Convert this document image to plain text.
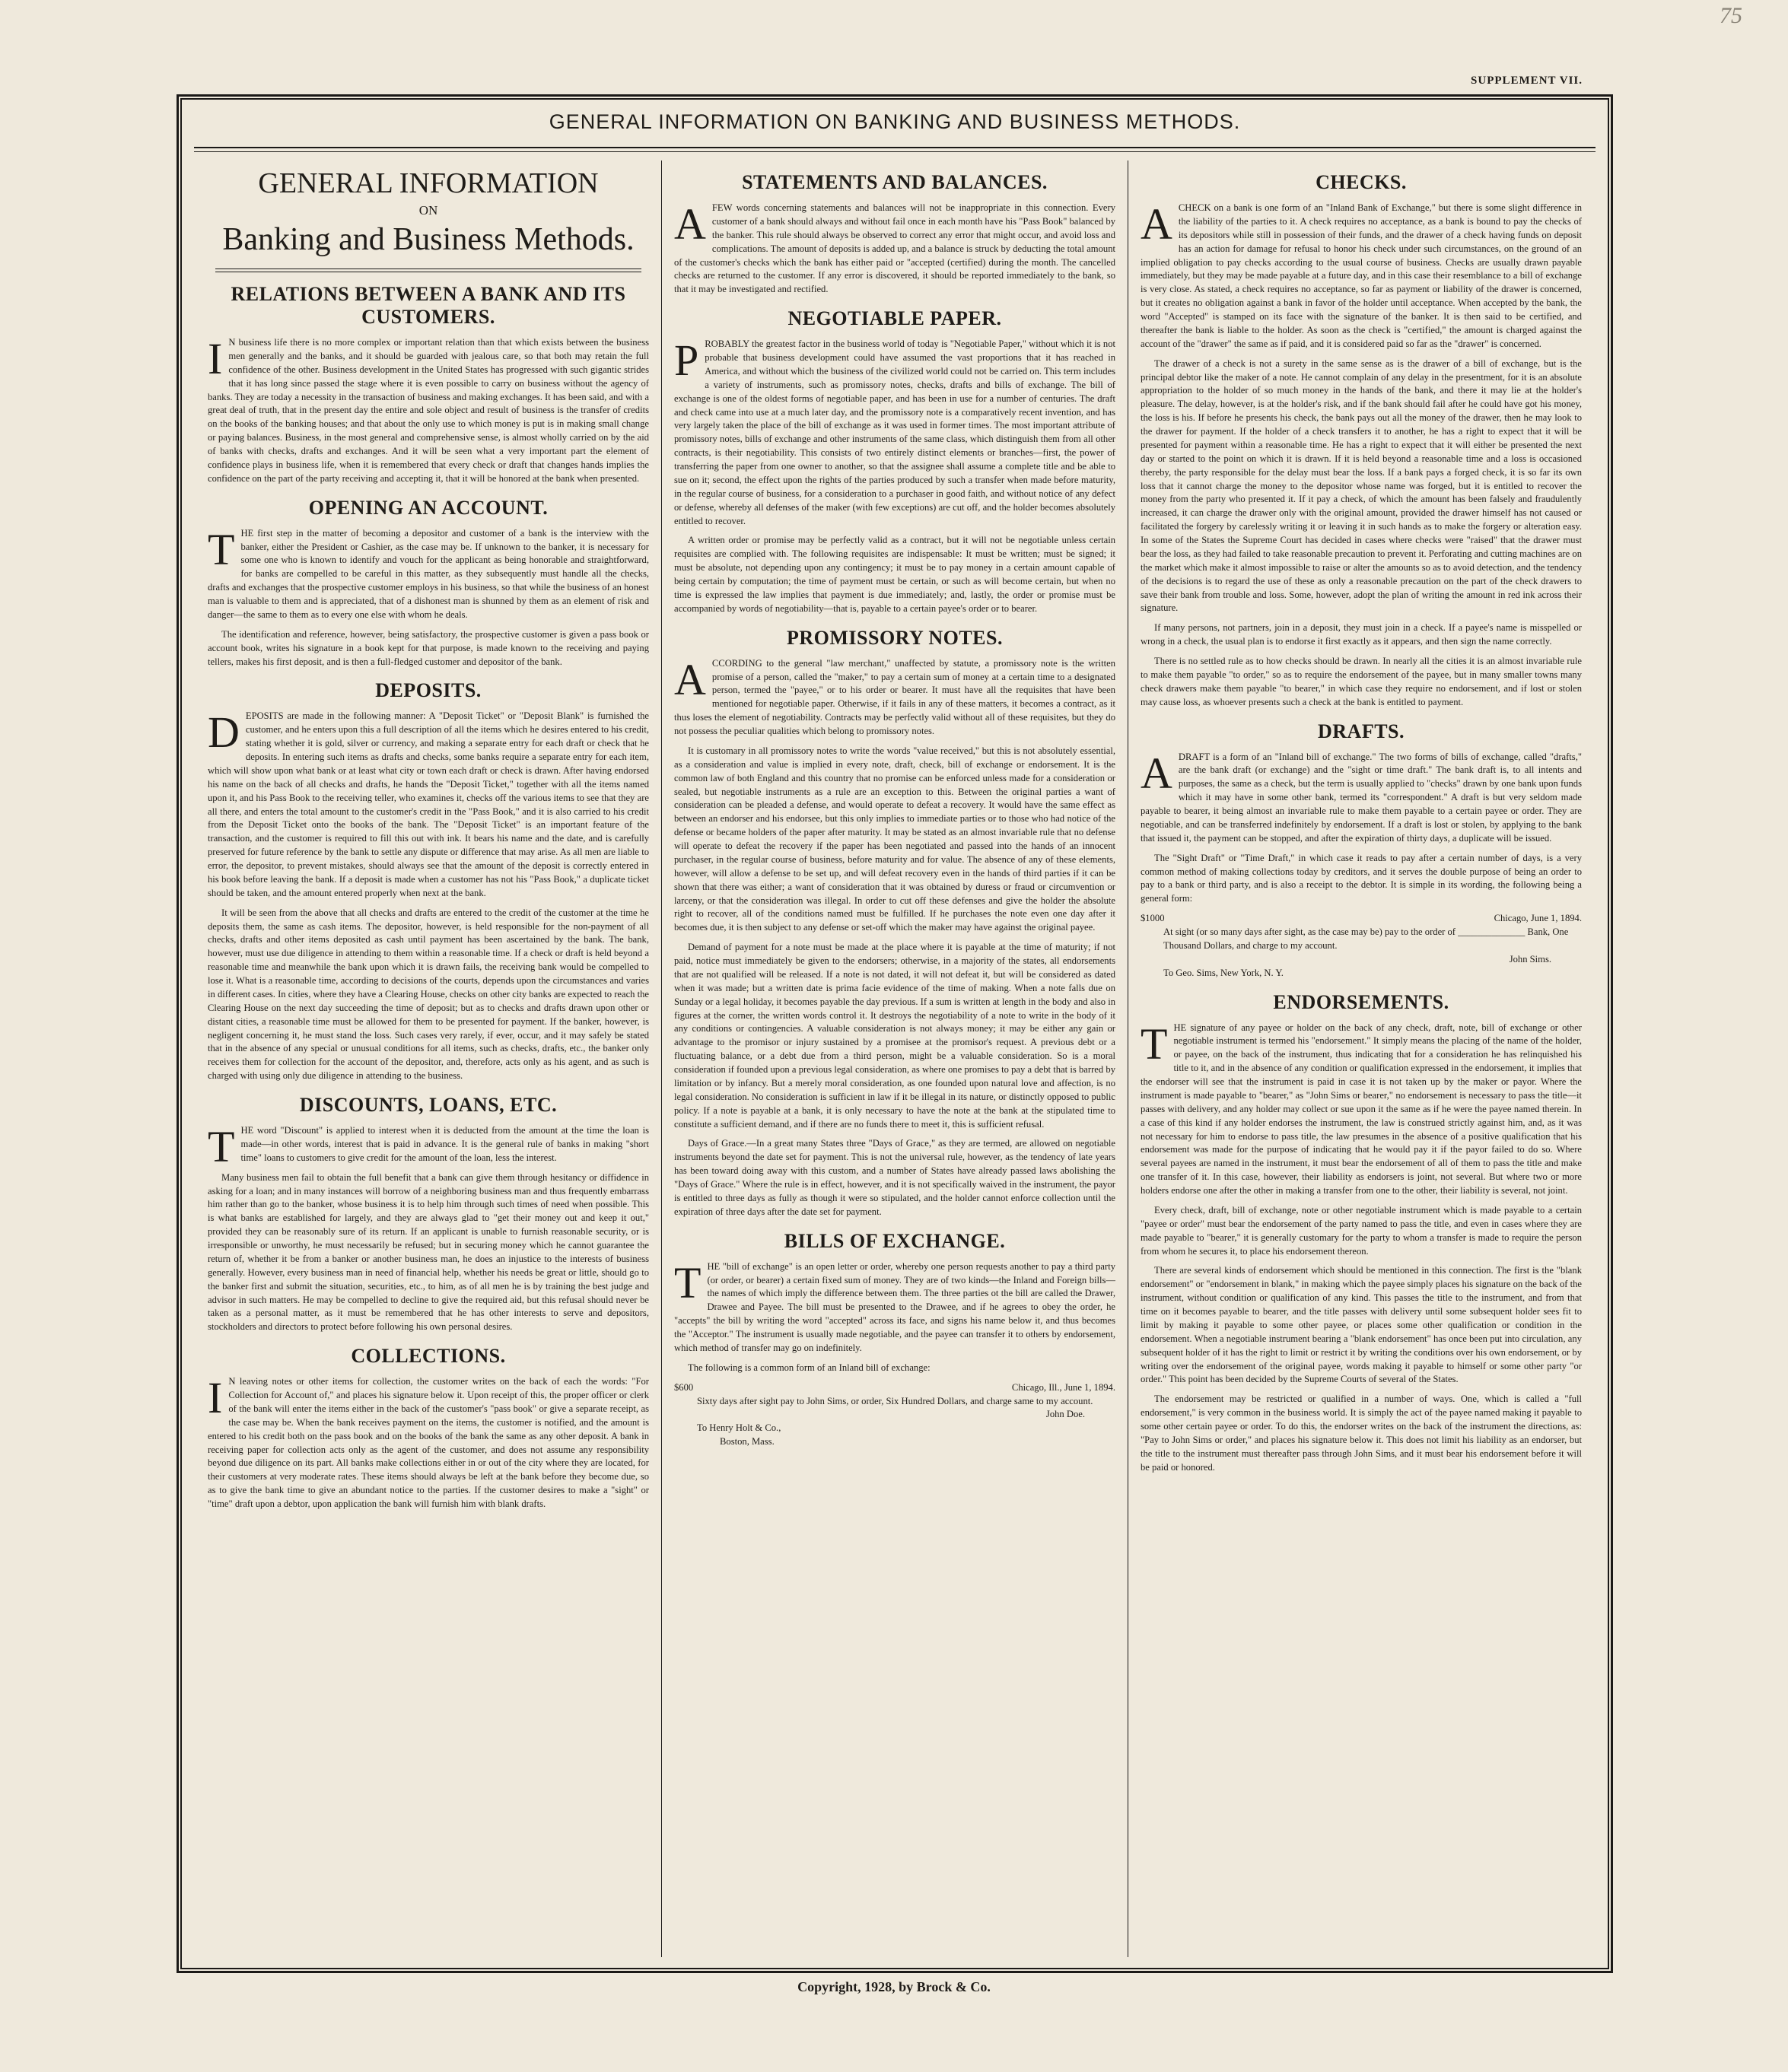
75
SUPPLEMENT VII.
GENERAL INFORMATION ON BANKING AND BUSINESS METHODS.
GENERAL INFORMATION
ON
Banking and Business Methods.
RELATIONS BETWEEN A BANK AND ITS CUSTOMERS.

I N business life there is no more complex or important relation than that which exists between the business men generally and the banks, and it should be guarded with jealous care, so that both may retain the full confidence of the other. Business development in the United States has progressed with such gigantic strides that it has long since passed the stage where it is even possible to carry on business without the agency of banks. They are today a necessity in the transaction of business and making exchanges. It has been said, and with a great deal of truth, that in the present day the entire and sole object and result of business is the transfer of credits on the books of the banking houses; and that about the only use to which money is put is in making small change or paying balances. Business, in the most general and comprehensive sense, is almost wholly carried on by the aid of banks with checks, drafts and exchanges. And it will be seen what a very important part the element of confidence plays in business life, when it is remembered that every check or draft that changes hands implies the confidence on the part of the party receiving and accepting it, that it will be honored at the bank when presented.

OPENING AN ACCOUNT.

THE first step in the matter of becoming a depositor and customer of a bank is the interview with the banker, either the President or Cashier, as the case may be. If unknown to the banker, it is necessary for some one who is known to identify and vouch for the applicant as being honorable and straightforward, for banks are compelled to be careful in this matter, as they subsequently must handle all the checks, drafts and exchanges that the prospective customer employs in his business, so that while the business of an honest man is valuable to them and is appreciated, that of a dishonest man is shunned by them as an element of risk and danger—the same to them as to every one else with whom he deals.

The identification and reference, however, being satisfactory, the prospective customer is given a pass book or account book, writes his signature in a book kept for that purpose, is made known to the receiving and paying tellers, makes his first deposit, and is then a full-fledged customer and depositor of the bank.

DEPOSITS.

DEPOSITS are made in the following manner: A "Deposit Ticket" or "Deposit Blank" is furnished the customer, and he enters upon this a full description of all the items which he desires entered to his credit, stating whether it is gold, silver or currency, and making a separate entry for each draft or check that he deposits. In entering such items as drafts and checks, some banks require a separate entry for each item, which will show upon what bank or at least what city or town each draft or check is drawn. After having endorsed his name on the back of all checks and drafts, he hands the "Deposit Ticket," together with all the items named upon it, and his Pass Book to the receiving teller, who examines it, checks off the various items to see that they are all there, and enters the total amount to the customer's credit in the "Pass Book," and it is also carried to his credit from the Deposit Ticket onto the books of the bank. The "Deposit Ticket" is an important feature of the transaction, and the customer is required to fill this out with ink. It bears his name and the date, and is carefully preserved for future reference by the bank to settle any dispute or difference that may arise. As all men are liable to error, the depositor, to prevent mistakes, should always see that the amount of the deposit is correctly entered in his book before leaving the bank. If a deposit is made when a customer has not his "Pass Book," a duplicate ticket should be taken, and the amount entered properly when next at the bank.

It will be seen from the above that all checks and drafts are entered to the credit of the customer at the time he deposits them, the same as cash items. The depositor, however, is held responsible for the non-payment of all checks, drafts and other items deposited as cash until payment has been ascertained by the bank. The bank, however, must use due diligence in attending to them within a reasonable time. If a check or draft is held beyond a reasonable time and meanwhile the bank upon which it is drawn fails, the receiving bank would be compelled to lose it. What is a reasonable time, according to decisions of the courts, depends upon the circumstances and varies in different cases. In cities, where they have a Clearing House, checks on other city banks are expected to reach the Clearing House on the next day succeeding the time of deposit; but as to checks and drafts drawn upon other or distant cities, a reasonable time must be allowed for them to be presented for payment. If the banker, however, is negligent concerning it, he must stand the loss. Such cases very rarely, if ever, occur, and it may safely be stated that in the absence of any special or unusual conditions for all items, such as checks, drafts, etc., the banker only receives them for collection for the account of the depositor, and, therefore, acts only as his agent, and as such is charged with using only due diligence in attending to the business.

DISCOUNTS, LOANS, ETC.

THE word "Discount" is applied to interest when it is deducted from the amount at the time the loan is made—in other words, interest that is paid in advance. It is the general rule of banks in making "short time" loans to customers to give credit for the amount of the loan, less the interest.

Many business men fail to obtain the full benefit that a bank can give them through hesitancy or diffidence in asking for a loan; and in many instances will borrow of a neighboring business man and thus frequently embarrass him rather than go to the banker, whose business it is to help him through such times of need when possible. This is what banks are established for largely, and they are always glad to "get their money out and keep it out," provided they can be reasonably sure of its return. If an applicant is unable to furnish reasonable security, or is irresponsible or unworthy, he must necessarily be refused; but in securing money which he cannot guarantee the return of, whether it be from a banker or another business man, he does an injustice to the interests of business generally. However, every business man in need of financial help, whether his needs be great or little, should go to the banker first and submit the situation, securities, etc., to him, as of all men he is by training the best judge and advisor in such matters. He may be compelled to decline to give the required aid, but this refusal should never be taken as a personal matter, as it must be remembered that he has other interests to serve and depositors, stockholders and directors to protect before following his own personal desires.

COLLECTIONS.

I N leaving notes or other items for collection, the customer writes on the back of each the words: "For Collection for Account of," and places his signature below it. Upon receipt of this, the proper officer or clerk of the bank will enter the items either in the back of the customer's "pass book" or give a separate receipt, as the case may be. When the bank receives payment on the items, the customer is notified, and the amount is entered to his credit both on the pass book and on the books of the bank the same as any other deposit. A bank in receiving paper for collection acts only as the agent of the customer, and does not assume any responsibility beyond due diligence on its part. All banks make collections either in or out of the city where they are located, for their customers at very moderate rates. These items should always be left at the bank before they become due, so as to give the bank time to give an abundant notice to the parties. If the customer desires to make a "sight" or "time" draft upon a debtor, upon application the bank will furnish him with blank drafts.

STATEMENTS AND BALANCES.

AFEW words concerning statements and balances will not be inappropriate in this connection. Every customer of a bank should always and without fail once in each month have his "Pass Book" balanced by the banker. This rule should always be observed to correct any error that might occur, and avoid loss and complications. The amount of deposits is added up, and a balance is struck by deducting the total amount of the customer's checks which the bank has either paid or "accepted (certified) during the month. The cancelled checks are returned to the customer. If any error is discovered, it should be reported immediately to the bank, so that it may be investigated and rectified.

NEGOTIABLE PAPER.

PROBABLY the greatest factor in the business world of today is "Negotiable Paper," without which it is not probable that business development could have assumed the vast proportions that it has reached in America, and without which the business of the civilized world could not be carried on. This term includes a variety of instruments, such as promissory notes, checks, drafts and bills of exchange. The bill of exchange is one of the oldest forms of negotiable paper, and has been in use for a number of centuries. The draft and check came into use at a much later day, and the promissory note is a comparatively recent invention, and has very largely taken the place of the bill of exchange as it was used in former times. The most important attribute of promissory notes, bills of exchange and other instruments of the same class, which distinguish them from all other contracts, is their negotiability. This consists of two entirely distinct elements or branches—first, the power of transferring the paper from one owner to another, so that the assignee shall assume a complete title and be able to sue on it; second, the effect upon the rights of the parties produced by such a transfer when made before maturity, in the regular course of business, for a consideration to a purchaser in good faith, and without notice of any defect or defense, whereby all defenses of the maker (with few exceptions) are cut off, and the holder becomes absolutely entitled to recover.

A written order or promise may be perfectly valid as a contract, but it will not be negotiable unless certain requisites are complied with. The following requisites are indispensable: It must be written; must be signed; it must be absolute, not depending upon any contingency; it must be to pay money in a certain amount capable of being certain by computation; the time of payment must be certain, or such as will become certain, but when no time is expressed the law implies that payment is due immediately; and, lastly, the order or promise must be accompanied by words of negotiability—that is, payable to a certain payee's order or to bearer.

PROMISSORY NOTES.

ACCORDING to the general "law merchant," unaffected by statute, a promissory note is the written promise of a person, called the "maker," to pay a certain sum of money at a certain time to a designated person, termed the "payee," or to his order or bearer. It must have all the requisites that have been mentioned for negotiable paper. Otherwise, if it fails in any of these matters, it becomes a contract, as it thus loses the element of negotiability. Contracts may be perfectly valid without all of these requisites, but they do not possess the peculiar qualities which belong to promissory notes.

It is customary in all promissory notes to write the words "value received," but this is not absolutely essential, as a consideration and value is implied in every note, draft, check, bill of exchange or endorsement. It is the common law of both England and this country that no promise can be enforced unless made for a consideration or sealed, but negotiable instruments as a rule are an exception to this. Between the original parties a want of consideration can be pleaded a defense, and would operate to defeat a recovery. It would have the same effect as between an endorser and his endorsee, but this only implies to immediate parties or to those who had notice of the defense or became holders of the paper after maturity. It may be stated as an almost invariable rule that no defense will operate to defeat the recovery if the paper has been negotiated and passed into the hands of an innocent purchaser, in the regular course of business, before maturity and for value. The absence of any of these elements, however, will allow a defense to be set up, and will defeat recovery even in the hands of third parties if it can be shown that there was either; a want of consideration that it was obtained by duress or fraud or circumvention or larceny, or that the consideration was illegal. In order to cut off these defenses and give the holder the absolute right to recover, all of the conditions named must be fulfilled. If he purchases the note even one day after it becomes due, it is then subject to any defense or set-off which the maker may have against the original payee.

Demand of payment for a note must be made at the place where it is payable at the time of maturity; if not paid, notice must immediately be given to the endorsers; otherwise, in a majority of the states, all endorsements that are not qualified will be released. If a note is not dated, it will not defeat it, but will be considered as dated when it was made; but a written date is prima facie evidence of the time of making. When a note falls due on Sunday or a legal holiday, it becomes payable the day previous. If a sum is written at length in the body and also in figures at the corner, the written words control it. It destroys the negotiability of a note to write in the body of it any conditions or contingencies. A valuable consideration is not always money; it may be either any gain or advantage to the promisor or injury sustained by a promisee at the promisor's request. A previous debt or a fluctuating balance, or a debt due from a third person, might be a valuable consideration. So is a moral consideration if founded upon a previous legal consideration, as where one promises to pay a debt that is barred by limitation or by infancy. But a merely moral consideration, as one founded upon natural love and affection, is no legal consideration. No consideration is sufficient in law if it be illegal in its nature, or distinctly opposed to public policy. If a note is payable at a bank, it is only necessary to have the note at the bank at the stipulated time to constitute a sufficient demand, and if there are no funds there to meet it, this is sufficient refusal.

Days of Grace.—In a great many States three "Days of Grace," as they are termed, are allowed on negotiable instruments beyond the date set for payment. This is not the universal rule, however, as the tendency of late years has been toward doing away with this custom, and a number of States have already passed laws abolishing the "Days of Grace." Where the rule is in effect, however, and it is not specifically waived in the instrument, the payor is entitled to three days as fully as though it were so stipulated, and the holder cannot enforce collection until the expiration of three days after the date set for payment.

BILLS OF EXCHANGE.

THE "bill of exchange" is an open letter or order, whereby one person requests another to pay a third party (or order, or bearer) a certain fixed sum of money. They are of two kinds—the Inland and Foreign bills—the names of which imply the difference between them. The three parties ot the bill are called the Drawer, Drawee and Payee. The bill must be presented to the Drawee, and if he agrees to obey the order, he "accepts" the bill by writing the word "accepted" across its face, and signs his name below it, and thus becomes the "Acceptor." The instrument is usually made negotiable, and the payee can transfer it to others by endorsement, which method of transfer may go on indefinitely.

The following is a common form of an Inland bill of exchange:

$600	Chicago, Ill., June 1, 1894.
Sixty days after sight pay to John Sims, or order, Six Hundred Dollars, and charge same to my account.
John Doe.
To Henry Holt & Co.,
Boston, Mass.
CHECKS.

ACHECK on a bank is one form of an "Inland Bank of Exchange," but there is some slight difference in the liability of the parties to it. A check requires no acceptance, as a bank is bound to pay the checks of its depositors while still in possession of their funds, and the drawer of a check having funds on deposit has an action for damage for refusal to honor his check under such circumstances, on the ground of an implied obligation to pay checks according to the usual course of business. Checks are usually drawn payable immediately, but they may be made payable at a future day, and in this case their resemblance to a bill of exchange is very close. As stated, a check requires no acceptance, so far as payment or liability of the drawer is concerned, but it creates no obligation against a bank in favor of the holder until acceptance. When accepted by the bank, the word "Accepted" is stamped on its face with the signature of the banker. It is then said to be certified, and thereafter the bank is liable to the holder. As soon as the check is "certified," the amount is charged against the account of the "drawer" the same as if paid, and it is considered paid so far as the "drawer" is concerned.

The drawer of a check is not a surety in the same sense as is the drawer of a bill of exchange, but is the principal debtor like the maker of a note. He cannot complain of any delay in the presentment, for it is an absolute appropriation to the holder of so much money in the hands of the bank, and there it may lie at the holder's pleasure. The delay, however, is at the holder's risk, and if the bank should fail after he could have got his money, the loss is his. If before he presents his check, the bank pays out all the money of the drawer, then he may look to the drawer for payment. If the holder of a check transfers it to another, he has a right to expect that it will be presented for payment within a reasonable time. He has a right to expect that it will either be presented the next day or started to the point on which it is drawn. If it is held beyond a reasonable time and a loss is occasioned thereby, the party responsible for the delay must bear the loss. If a bank pays a forged check, it is so far its own loss that it cannot charge the money to the depositor whose name was forged, but it is entitled to recover the money from the party who presented it. If it pay a check, of which the amount has been falsely and fraudulently increased, it can charge the drawer only with the original amount, provided the drawer himself has not caused or facilitated the forgery by carelessly writing it or leaving it in such hands as to make the forgery or alteration easy. In some of the States the Supreme Court has decided in cases where checks were "raised" that the drawer must bear the loss, as they had failed to take reasonable precaution to prevent it. Perforating and cutting machines are on the market which make it almost impossible to raise or alter the amounts so as to avoid detection, and the tendency of the decisions is to regard the use of these as only a reasonable precaution on the part of the check drawers to save their bank from trouble and loss. Some, however, adopt the plan of writing the amount in red ink across their signature.

If many persons, not partners, join in a deposit, they must join in a check. If a payee's name is misspelled or wrong in a check, the usual plan is to endorse it first exactly as it appears, and then sign the name correctly.

There is no settled rule as to how checks should be drawn. In nearly all the cities it is an almost invariable rule to make them payable "to order," so as to require the endorsement of the payee, but in many smaller towns many check drawers make them payable "to bearer," in which case they require no endorsement, and if lost or stolen may cause loss, as whoever presents such a check at the bank is entitled to payment.

DRAFTS.

ADRAFT is a form of an "Inland bill of exchange." The two forms of bills of exchange, called "drafts," are the bank draft (or exchange) and the "sight or time draft." The bank draft is, to all intents and purposes, the same as a check, but the term is usually applied to "checks" drawn by one bank upon funds which it may have in some other bank, termed its "correspondent." A draft is but very seldom made payable to bearer, it being almost an invariable rule to make them payable to a certain payee or order. They are negotiable, and can be transferred indefinitely by endorsement. If a draft is lost or stolen, by applying to the bank that issued it, the payment can be stopped, and after the expiration of thirty days, a duplicate will be issued.

The "Sight Draft" or "Time Draft," in which case it reads to pay after a certain number of days, is a very common method of making collections today by creditors, and it serves the double purpose of being an order to pay to a bank or third party, and is also a receipt to the debtor. It is simple in its wording, the following being a general form:

$1000	Chicago, June 1, 1894.
At sight (or so many days after sight, as the case may be) pay to the order of ______________ Bank, One Thousand Dollars, and charge to my account.
John Sims.
To Geo. Sims, New York, N. Y.
ENDORSEMENTS.

THE signature of any payee or holder on the back of any check, draft, note, bill of exchange or other negotiable instrument is termed his "endorsement." It simply means the placing of the name of the holder, or payee, on the back of the instrument, thus indicating that for a consideration he has relinquished his title to it, and in the absence of any condition or qualification expressed in the endorsement, it implies that the endorser will see that the instrument is paid in case it is not taken up by the maker or payor. Where the instrument is made payable to "bearer," as "John Sims or bearer," no endorsement is necessary to pass the title—it passes with delivery, and any holder may collect or sue upon it the same as if he were the payee named therein. In a case of this kind if any holder endorses the instrument, the law is construed strictly against him, and, as it was not necessary for him to endorse to pass title, the law presumes in the absence of a positive qualification that his endorsement was made for the purpose of indicating that he would pay it if the payor failed to do so. Where several payees are named in the instrument, it must bear the endorsement of all of them to pass the title and make one transfer of it. In this case, however, their liability as endorsers is joint, not several. But where two or more holders endorse one after the other in making a transfer from one to the other, their liability is several, not joint.

Every check, draft, bill of exchange, note or other negotiable instrument which is made payable to a certain "payee or order" must bear the endorsement of the party named to pass the title, and even in cases where they are made payable to "bearer," it is generally customary for the party to whom a transfer is made to require the person from whom he secures it, to place his endorsement thereon.

There are several kinds of endorsement which should be mentioned in this connection. The first is the "blank endorsement" or "endorsement in blank," in making which the payee simply places his signature on the back of the instrument, without condition or qualification of any kind. This passes the title to the instrument, and from that time on it becomes payable to bearer, and the title passes with delivery until some subsequent holder sees fit to limit by making it payable to some other payee, or places some other qualification or condition in the endorsement. When a negotiable instrument bearing a "blank endorsement" has once been put into circulation, any subsequent holder of it has the right to limit or restrict it by writing the conditions over his own endorsement, or by writing over the endorsement of the original payee, words making it payable to himself or some other party "or order." This point has been decided by the Supreme Courts of several of the States.

The endorsement may be restricted or qualified in a number of ways. One, which is called a "full endorsement," is very common in the business world. It is simply the act of the payee named making it payable to some other certain payee or order. To do this, the endorser writes on the back of the instrument the directions, as: "Pay to John Sims or order," and places his signature below it. This does not limit his liability as an endorser, but the title to the instrument must thereafter pass through John Sims, and it must bear his endorsement before it will be paid or honored.

Copyright, 1928, by Brock & Co.
